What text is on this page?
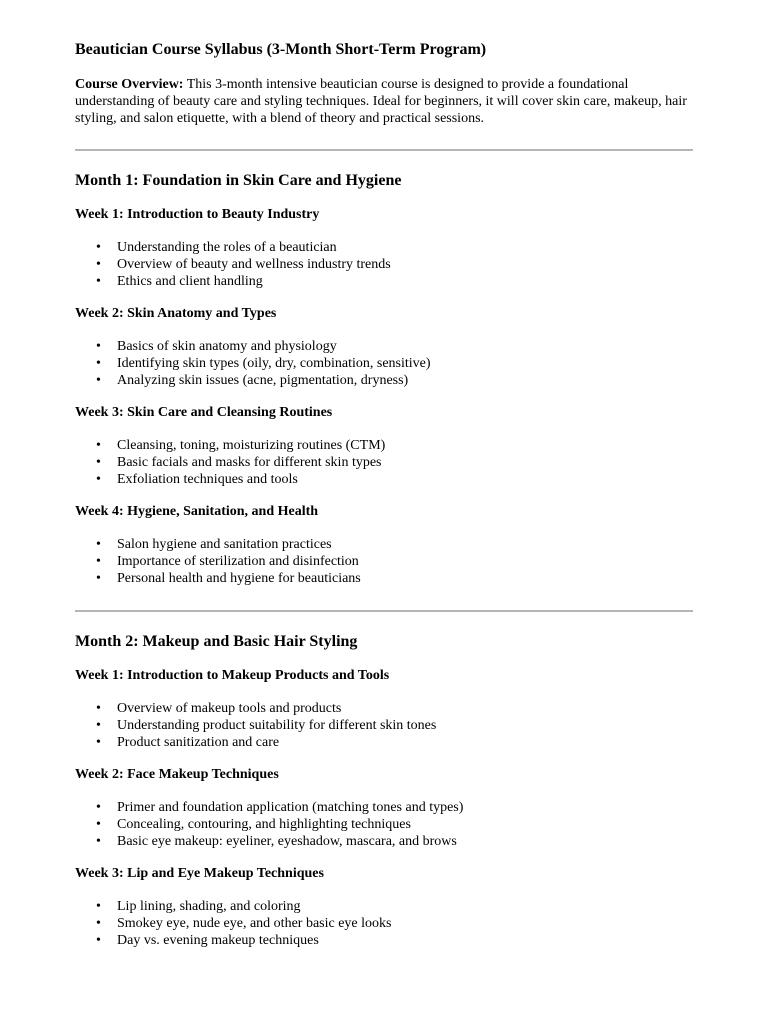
Beautician Course Syllabus (3-Month Short-Term Program)

Course Overview: This 3-month intensive beautician course is designed to provide a foundational understanding of beauty care and styling techniques. Ideal for beginners, it will cover skin care, makeup, hair styling, and salon etiquette, with a blend of theory and practical sessions.

Month 1: Foundation in Skin Care and Hygiene
Week 1: Introduction to Beauty Industry
• Understanding the roles of a beautician
• Overview of beauty and wellness industry trends
• Ethics and client handling
Week 2: Skin Anatomy and Types
• Basics of skin anatomy and physiology
• Identifying skin types (oily, dry, combination, sensitive)
• Analyzing skin issues (acne, pigmentation, dryness)
Week 3: Skin Care and Cleansing Routines
• Cleansing, toning, moisturizing routines (CTM)
• Basic facials and masks for different skin types
• Exfoliation techniques and tools
Week 4: Hygiene, Sanitation, and Health
• Salon hygiene and sanitation practices
• Importance of sterilization and disinfection
• Personal health and hygiene for beauticians
Month 2: Makeup and Basic Hair Styling
Week 1: Introduction to Makeup Products and Tools
• Overview of makeup tools and products
• Understanding product suitability for different skin tones
• Product sanitization and care
Week 2: Face Makeup Techniques
• Primer and foundation application (matching tones and types)
• Concealing, contouring, and highlighting techniques
• Basic eye makeup: eyeliner, eyeshadow, mascara, and brows
Week 3: Lip and Eye Makeup Techniques
• Lip lining, shading, and coloring
• Smokey eye, nude eye, and other basic eye looks
• Day vs. evening makeup techniques
